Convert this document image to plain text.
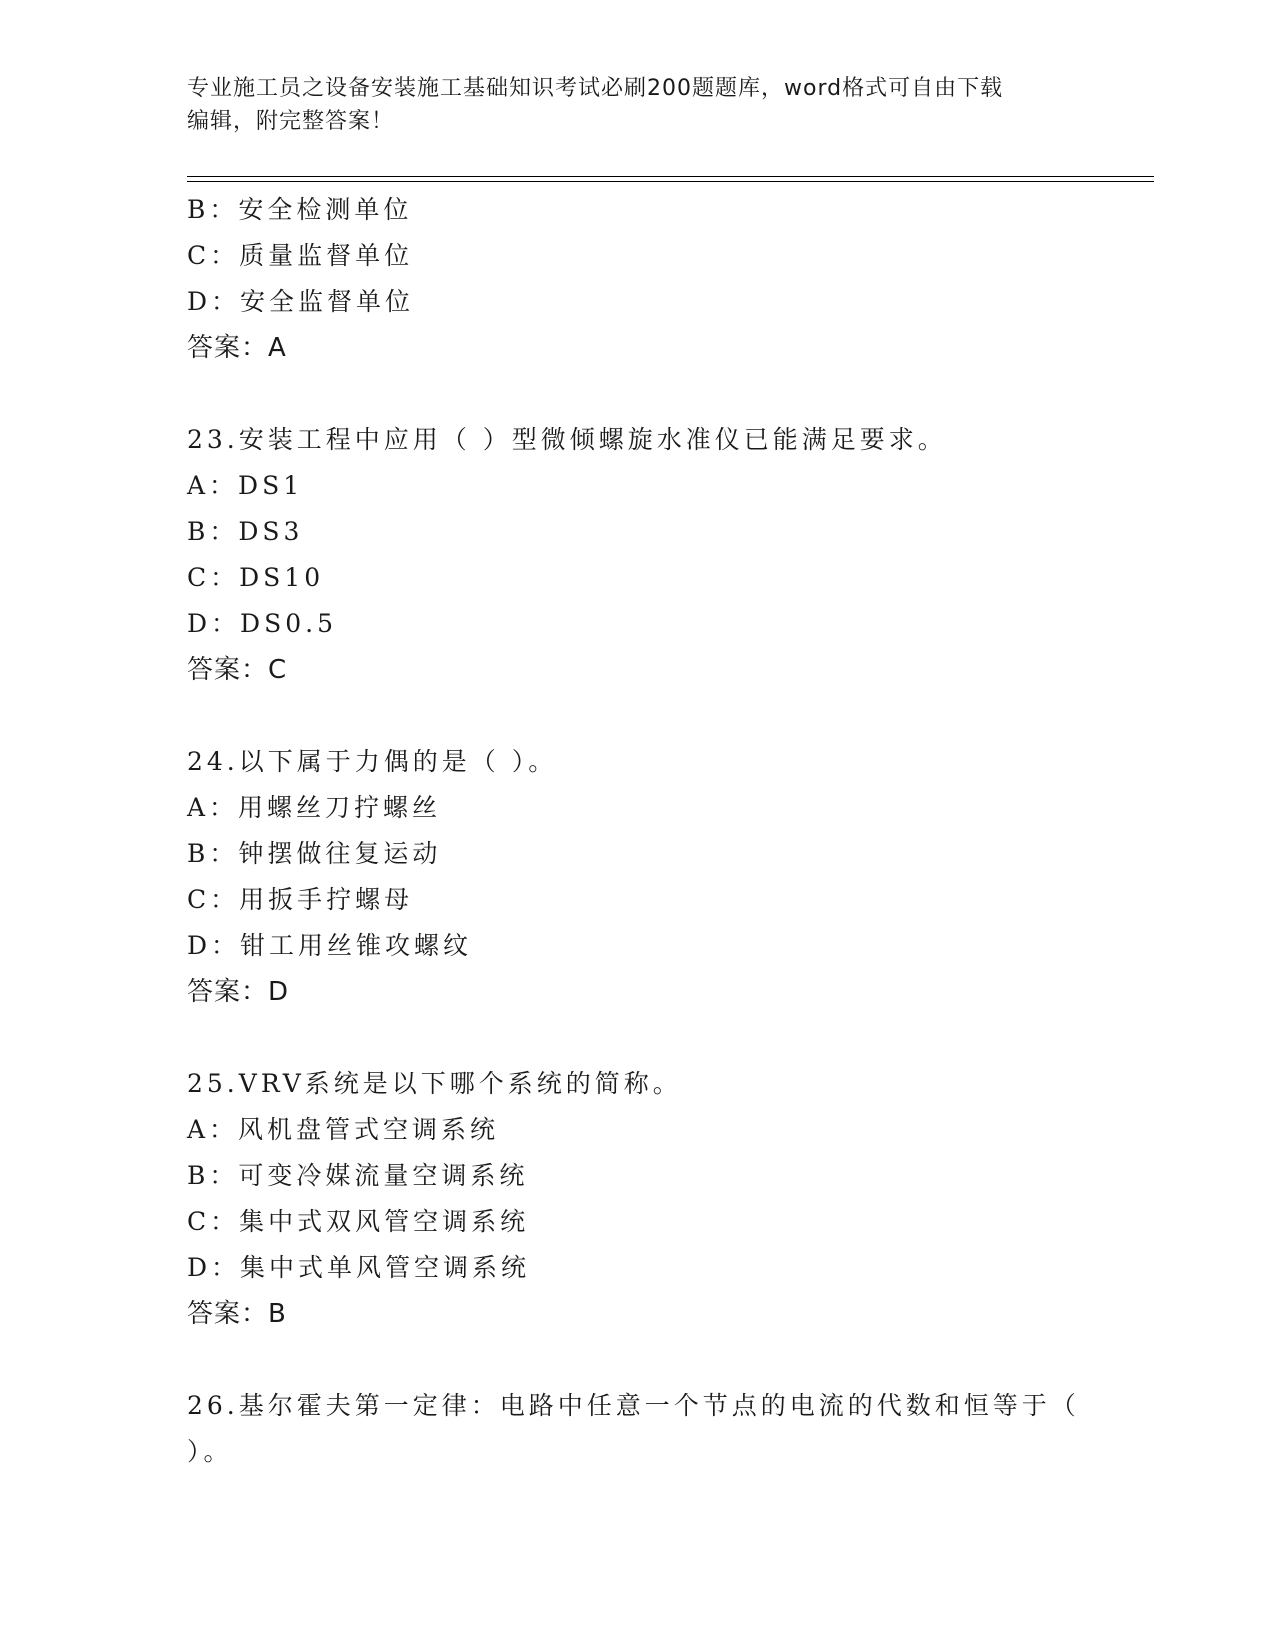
专业施工员之设备安装施工基础知识考试必刷200题题库，word格式可自由下载
编辑，附完整答案！
B：安全检测单位
C：质量监督单位
D：安全监督单位
答案：A
23.安装工程中应用（ ）型微倾螺旋水准仪已能满足要求。
A：DS1
B：DS3
C：DS10
D：DS0.5
答案：C
24.以下属于力偶的是（ ）。
A：用螺丝刀拧螺丝
B：钟摆做往复运动
C：用扳手拧螺母
D：钳工用丝锥攻螺纹
答案：D
25.VRV系统是以下哪个系统的简称。
A：风机盘管式空调系统
B：可变冷媒流量空调系统
C：集中式双风管空调系统
D：集中式单风管空调系统
答案：B
26.基尔霍夫第一定律：电路中任意一个节点的电流的代数和恒等于（
）。
